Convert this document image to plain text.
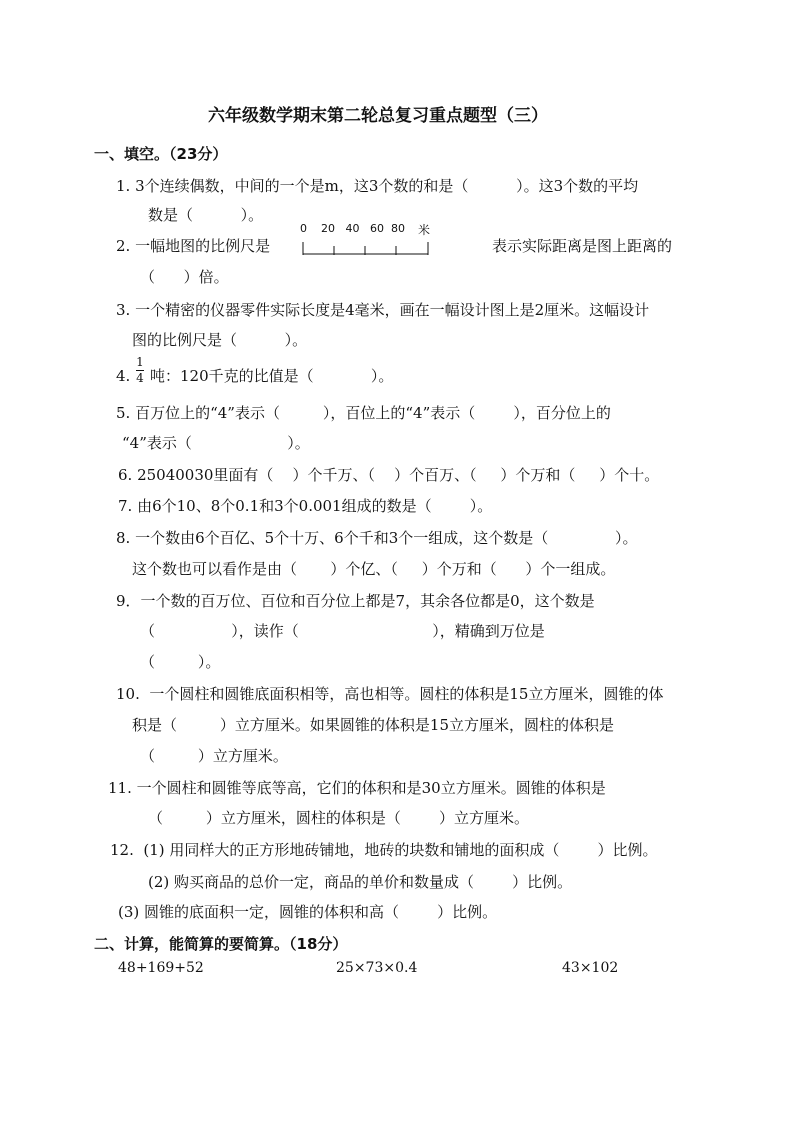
六年级数学期末第二轮总复习重点题型（三）
一、填空。（23分）
1. 3个连续偶数，中间的一个是m，这3个数的和是（          ）。这3个数的平均
数是（          ）。
2. 一幅地图的比例尺是
0    20   40   60  80 米
表示实际距离是图上距离的
（      ）倍。
3. 一个精密的仪器零件实际长度是4毫米，画在一幅设计图上是2厘米。这幅设计
图的比例尺是（          ）。
4.
1
4 吨：120千克的比值是（            ）。
5. 百万位上的“4”表示（         ），百位上的“4”表示（        ），百分位上的
“4”表示（                    ）。
6. 25040030里面有（    ）个千万、（    ）个百万、（     ）个万和（     ）个十。
7. 由6个10、8个0.1和3个0.001组成的数是（        ）。
8. 一个数由6个百亿、5个十万、6个千和3个一组成，这个数是（              ）。
这个数也可以看作是由（       ）个亿、（     ）个万和（      ）个一组成。
9．一个数的百万位、百位和百分位上都是7，其余各位都是0，这个数是
（                ），读作（                            ），精确到万位是
（         ）。
10.  一个圆柱和圆锥底面积相等，高也相等。圆柱的体积是15立方厘米，圆锥的体
积是（         ）立方厘米。如果圆锥的体积是15立方厘米，圆柱的体积是
（         ）立方厘米。
11. 一个圆柱和圆锥等底等高，它们的体积和是30立方厘米。圆锥的体积是
（         ）立方厘米，圆柱的体积是（        ）立方厘米。
12.  (1) 用同样大的正方形地砖铺地，地砖的块数和铺地的面积成（        ）比例。
(2) 购买商品的总价一定，商品的单价和数量成（        ）比例。
(3) 圆锥的底面积一定，圆锥的体积和高（        ）比例。
二、计算，能简算的要简算。（18分）
48+169+52	25×73×0.4	43×102
